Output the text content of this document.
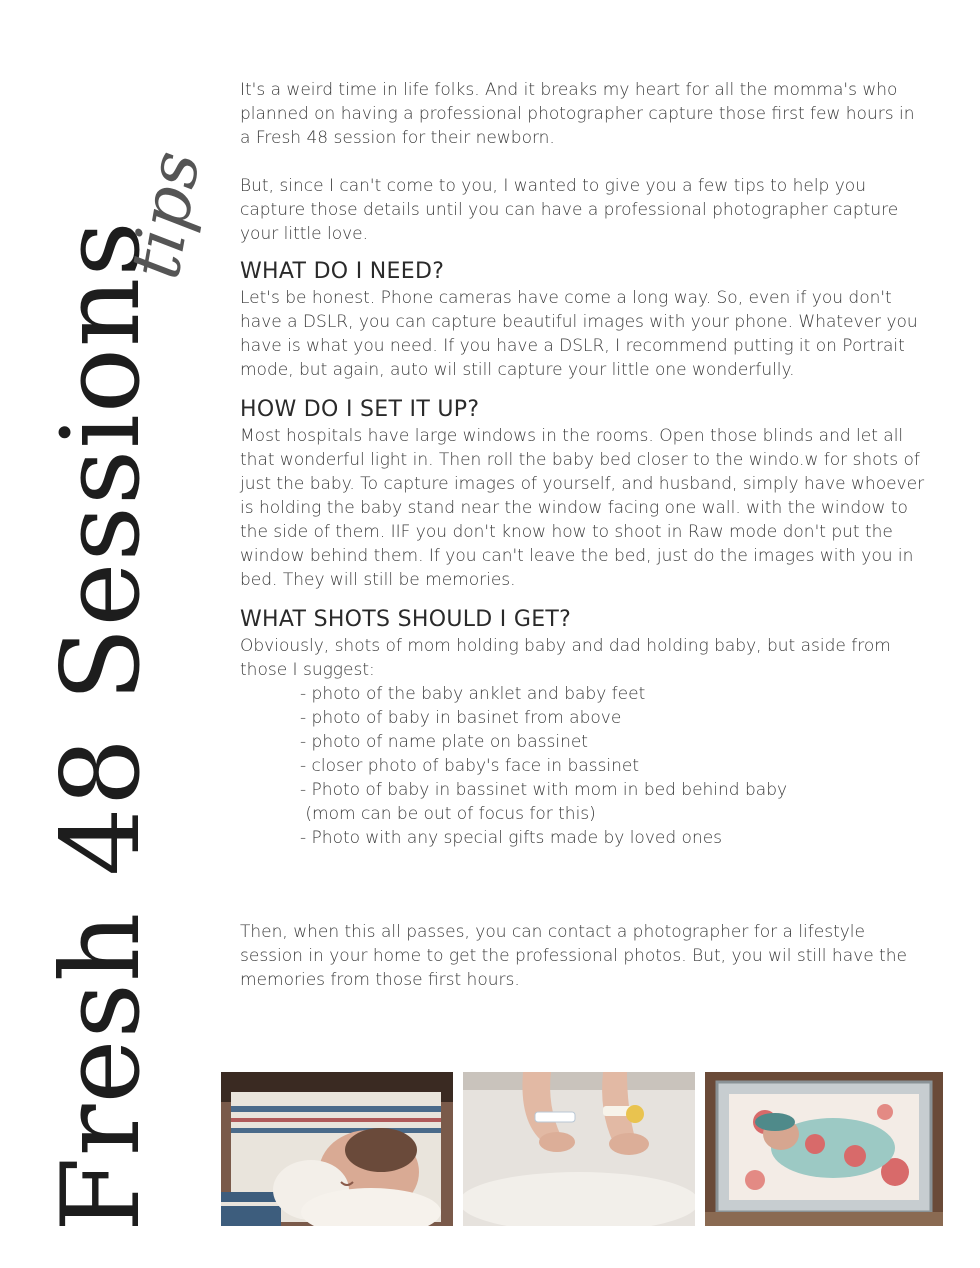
Fresh 48 Sessions
tips

It's a weird time in life folks. And it breaks my heart for all the momma's who planned on having a professional photographer capture those first few hours in a Fresh 48 session for their newborn.

But, since I can't come to you, I wanted to give you a few tips to help you capture those details until you can have a professional photographer capture your little love.

WHAT DO I NEED?

Let's be honest. Phone cameras have come a long way. So, even if you don't have a DSLR, you can capture beautiful images with your phone. Whatever you have is what you need. If you have a DSLR, I recommend putting it on Portrait mode, but again, auto wil still capture your little one wonderfully.

HOW DO I SET IT UP?

Most hospitals have large windows in the rooms. Open those blinds and let all that wonderful light in. Then roll the baby bed closer to the windo.w for shots of just the baby. To capture images of yourself, and husband, simply have whoever is holding the baby stand near the window facing one wall. with the window to the side of them. IIF you don't know how to shoot in Raw mode don't put the window behind them. If you can't leave the bed, just do the images with you in bed. They will still be memories.

WHAT SHOTS SHOULD I GET?

Obviously, shots of mom holding baby and dad holding baby, but aside from those I suggest:

- photo of the baby anklet and baby feet
- photo of baby in basinet from above
- photo of name plate on bassinet
- closer photo of baby's face in bassinet
- Photo of baby in bassinet with mom in bed behind baby
(mom can be out of focus for this)
- Photo with any special gifts made by loved ones

Then, when this all passes, you can contact a photographer for a lifestyle session in your home to get the professional photos. But, you wil still have the memories from those first hours.
